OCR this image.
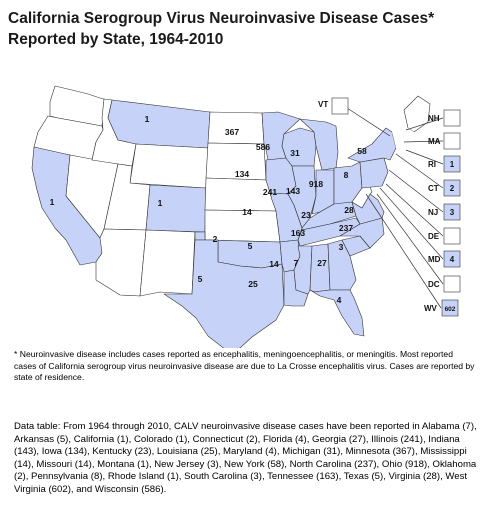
California Serogroup Virus Neuroinvasive Disease Cases* Reported by State, 1964-2010
1
1
1
2
5
367
586
31
134
241 143
918
14	23
8
58
28
163	237
5	3
14 7 27
25
4
VT
NH
MA
RI 1
CT 2
NJ 3
DE
MD 4
DC
WV 602

* Neuroinvasive disease includes cases reported as encephalitis, meningoencephalitis, or meningitis. Most reported cases of California serogroup virus neuroinvasive disease are due to La Crosse encephalitis virus. Cases are reported by state of residence.

Data table: From 1964 through 2010, CALV neuroinvasive disease cases have been reported in Alabama (7), Arkansas (5), California (1), Colorado (1), Connecticut (2), Florida (4), Georgia (27), Illinois (241), Indiana (143), Iowa (134), Kentucky (23), Louisiana (25), Maryland (4), Michigan (31), Minnesota (367), Mississippi (14), Missouri (14), Montana (1), New Jersey (3), New York (58), North Carolina (237), Ohio (918), Oklahoma (2), Pennsylvania (8), Rhode Island (1), South Carolina (3), Tennessee (163), Texas (5), Virginia (28), West Virginia (602), and Wisconsin (586).
